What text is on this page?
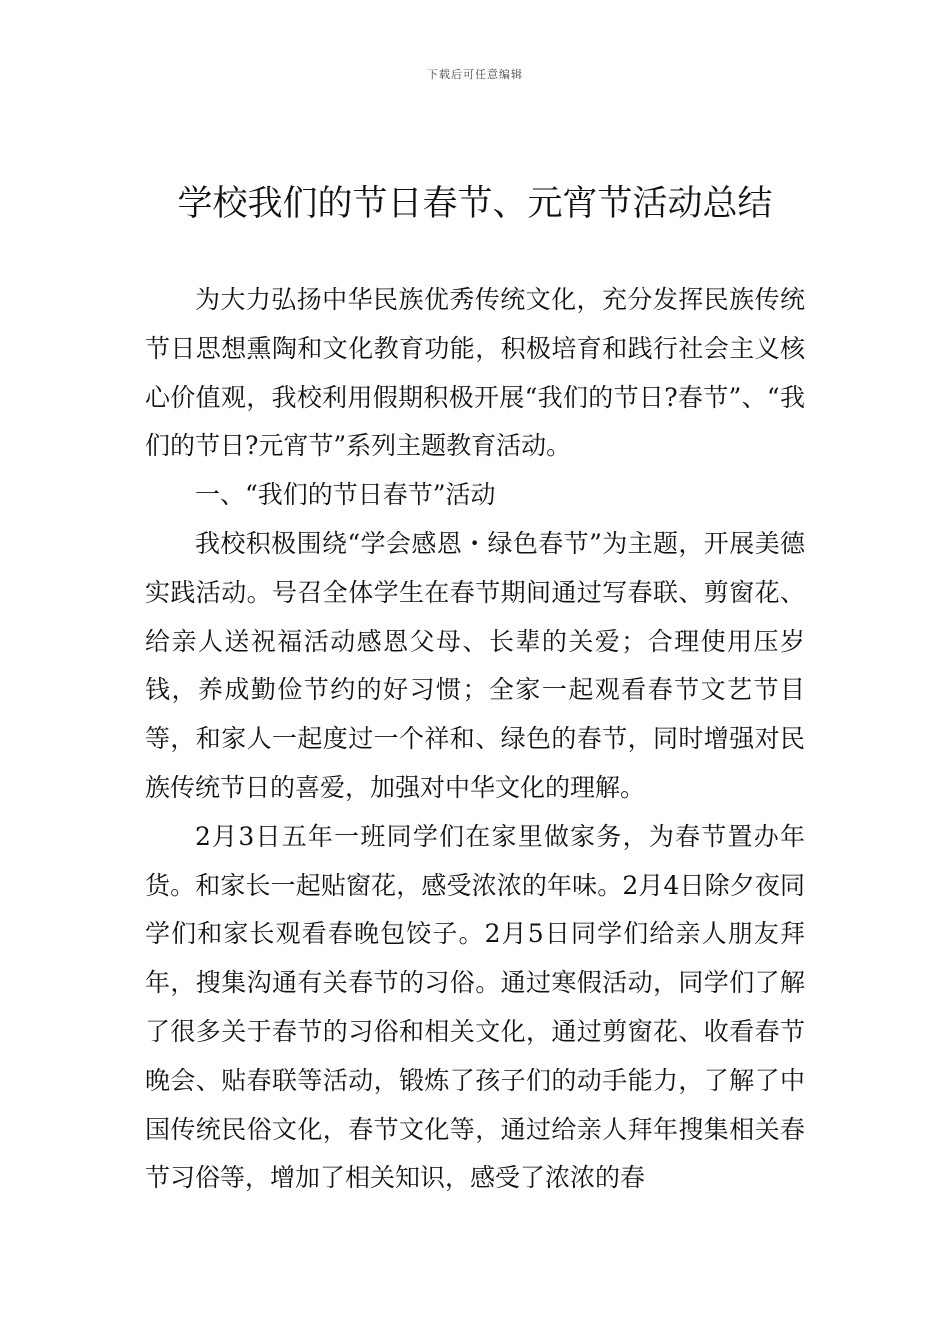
下载后可任意编辑
学校我们的节日春节、元宵节活动总结

为大力弘扬中华民族优秀传统文化，充分发挥民族传统节日思想熏陶和文化教育功能，积极培育和践行社会主义核心价值观，我校利用假期积极开展“我们的节日?春节”、“我们的节日?元宵节”系列主题教育活动。

一、“我们的节日春节”活动

我校积极围绕“学会感恩・绿色春节”为主题，开展美德实践活动。号召全体学生在春节期间通过写春联、剪窗花、给亲人送祝福活动感恩父母、长辈的关爱；合理使用压岁钱，养成勤俭节约的好习惯；全家一起观看春节文艺节目等，和家人一起度过一个祥和、绿色的春节，同时增强对民族传统节日的喜爱，加强对中华文化的理解。

2月3日五年一班同学们在家里做家务，为春节置办年货。和家长一起贴窗花，感受浓浓的年味。2月4日除夕夜同学们和家长观看春晚包饺子。2月5日同学们给亲人朋友拜年，搜集沟通有关春节的习俗。通过寒假活动，同学们了解了很多关于春节的习俗和相关文化，通过剪窗花、收看春节晚会、贴春联等活动，锻炼了孩子们的动手能力，了解了中国传统民俗文化，春节文化等，通过给亲人拜年搜集相关春节习俗等，增加了相关知识，感受了浓浓的春
